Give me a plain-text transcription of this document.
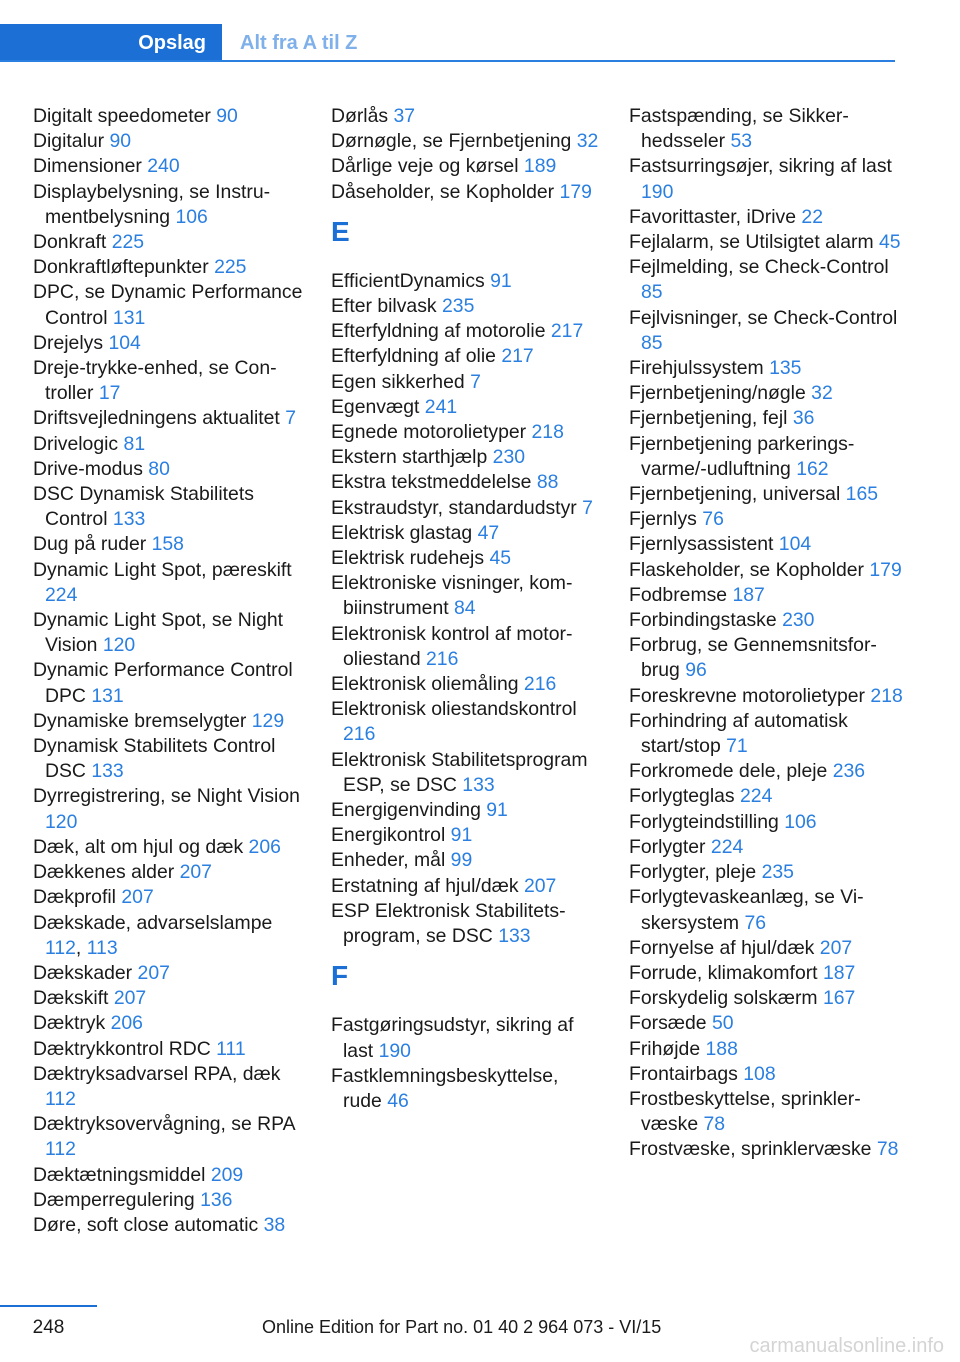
Opslag	Alt fra A til Z
Digitalt speedometer 90
Digitalur 90
Dimensioner 240
Displaybelysning, se Instrumentbelysning 106
Donkraft 225
Donkraftløftepunkter 225
DPC, se Dynamic Performance Control 131
Drejelys 104
Dreje-trykke-enhed, se Controller 17
Driftsvejledningens aktualitet 7
Drivelogic 81
Drive-modus 80
DSC Dynamisk Stabilitets Control 133
Dug på ruder 158
Dynamic Light Spot, pæreskift 224
Dynamic Light Spot, se Night Vision 120
Dynamic Performance Control DPC 131
Dynamiske bremselygter 129
Dynamisk Stabilitets Control DSC 133
Dyrregistrering, se Night Vision 120
Dæk, alt om hjul og dæk 206
Dækkenes alder 207
Dækprofil 207
Dækskade, advarselslampe 112, 113
Dækskader 207
Dækskift 207
Dæktryk 206
Dæktrykkontrol RDC 111
Dæktryksadvarsel RPA, dæk 112
Dæktryksovervågning, se RPA 112
Dæktætningsmiddel 209
Dæmperregulering 136
Døre, soft close automatic 38
Dørlås 37
Dørnøgle, se Fjernbetjening 32
Dårlige veje og kørsel 189
Dåseholder, se Kopholder 179
E
EfficientDynamics 91
Efter bilvask 235
Efterfyldning af motorolie 217
Efterfyldning af olie 217
Egen sikkerhed 7
Egenvægt 241
Egnede motorolietyper 218
Ekstern starthjælp 230
Ekstra tekstmeddelelse 88
Ekstraudstyr, standardudstyr 7
Elektrisk glastag 47
Elektrisk rudehejs 45
Elektroniske visninger, kombiinstrument 84
Elektronisk kontrol af motoroliestand 216
Elektronisk oliemåling 216
Elektronisk oliestandskontrol 216
Elektronisk Stabilitetsprogram ESP, se DSC 133
Energigenvinding 91
Energikontrol 91
Enheder, mål 99
Erstatning af hjul/dæk 207
ESP Elektronisk Stabilitetsprogram, se DSC 133
F
Fastgøringsudstyr, sikring af last 190
Fastklemningsbeskyttelse, rude 46
Fastspænding, se Sikkerhedsseler 53
Fastsurringsøjer, sikring af last 190
Favorittaster, iDrive 22
Fejlalarm, se Utilsigtet alarm 45
Fejlmelding, se Check-Control 85
Fejlvisninger, se Check-Control 85
Firehjulssystem 135
Fjernbetjening/nøgle 32
Fjernbetjening, fejl 36
Fjernbetjening parkeringsvarme/-udluftning 162
Fjernbetjening, universal 165
Fjernlys 76
Fjernlysassistent 104
Flaskeholder, se Kopholder 179
Fodbremse 187
Forbindingstaske 230
Forbrug, se Gennemsnitsforbrug 96
Foreskrevne motorolietyper 218
Forhindring af automatisk start/stop 71
Forkromede dele, pleje 236
Forlygteglas 224
Forlygteindstilling 106
Forlygter 224
Forlygter, pleje 235
Forlygtevaskeanlæg, se Viskersystem 76
Fornyelse af hjul/dæk 207
Forrude, klimakomfort 187
Forskydelig solskærm 167
Forsæde 50
Frihøjde 188
Frontairbags 108
Frostbeskyttelse, sprinklervæske 78
Frostvæske, sprinklervæske 78
248	Online Edition for Part no. 01 40 2 964 073 - VI/15
carmanualsonline.info
